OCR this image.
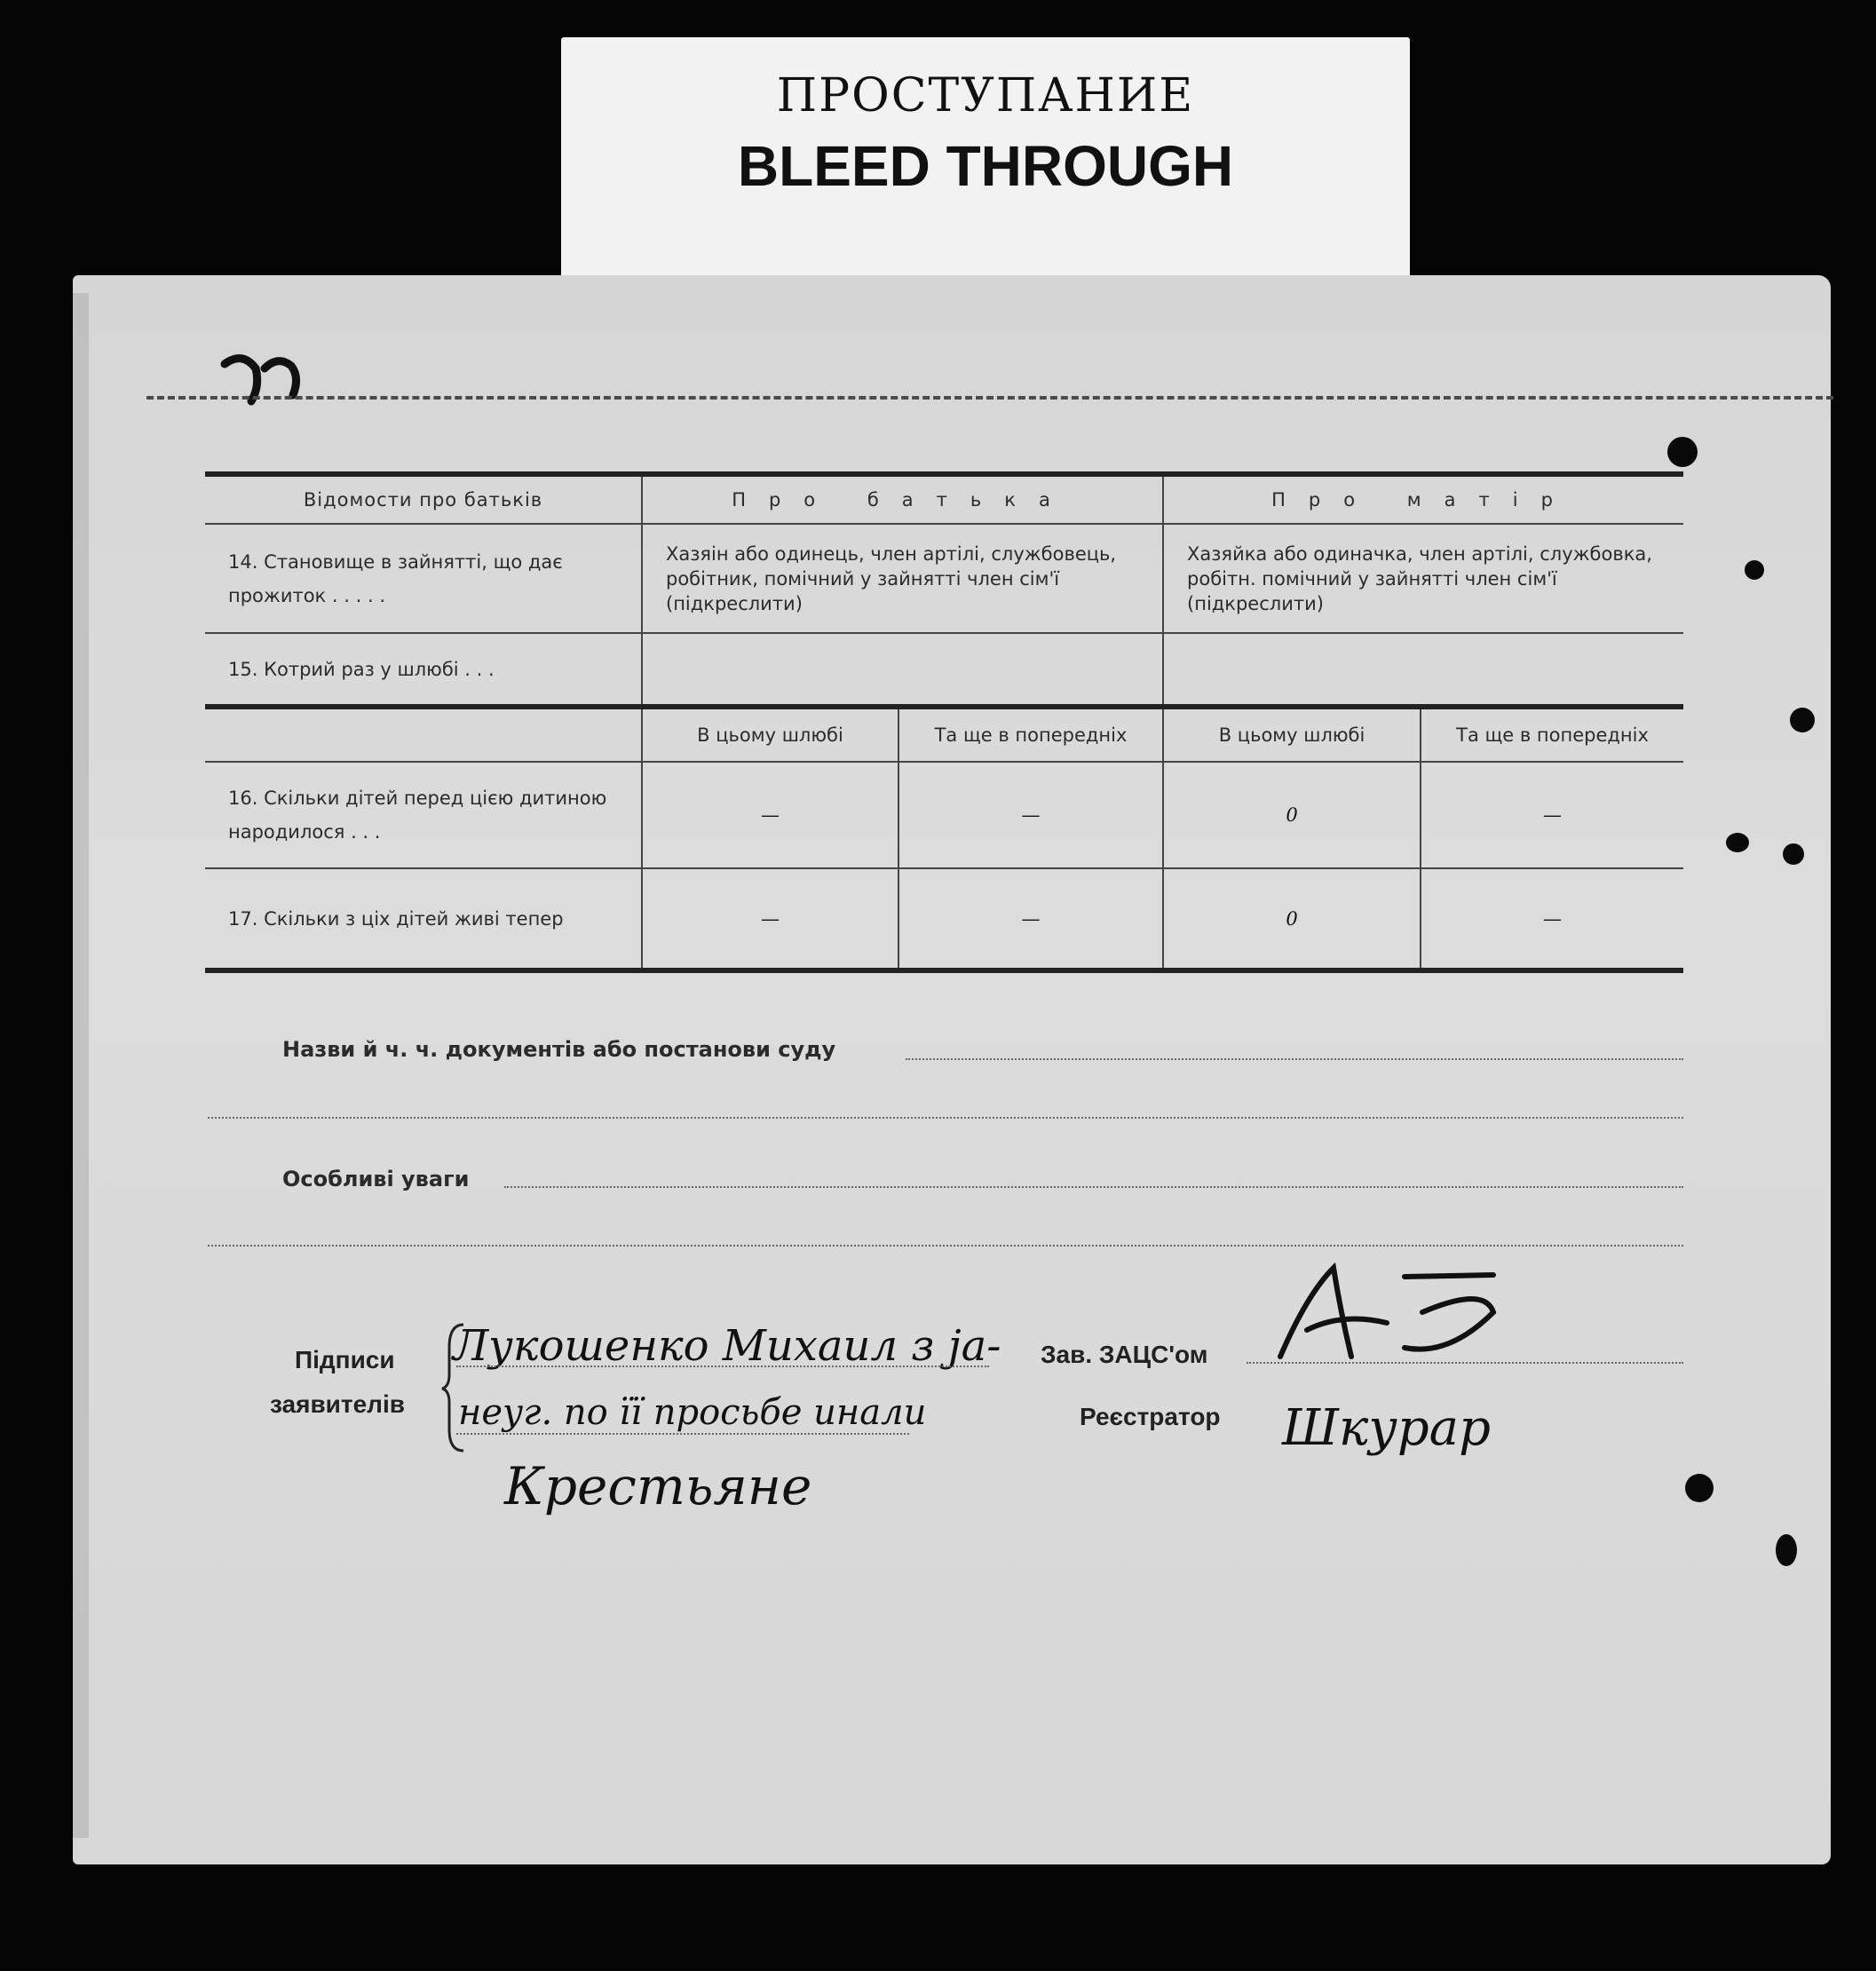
ПРОСТУПАНИЕ
BLEED THROUGH
Відомости про батьків	Про батька		Про матір	
14. Становище в зайнятті, що дає прожиток . . . . .	Хазяін або одинець, член артілі, службовець, робітник, помічний у зайнятті член сім'ї (підкреслити)		Хазяйка або одиначка, член артілі, службовка, робітн. помічний у зайнятті член сім'ї (підкреслити)	
15. Котрий раз у шлюбі . . .				
	В цьому шлюбі	Та ще в попередніх	В цьому шлюбі	Та ще в попередніх
16. Скільки дітей перед цією дитиною народилося . . .	—	—	0	—
17. Скільки з ціх дітей живі тепер	—	—	0	—
Назви й ч. ч. документів або постанови суду
Особливі уваги
Підписи
заявителів
Лукошенко Михаил з ја-
неуг. по її просьбе инали
Крестьяне
Зав. ЗАЦС'ом
Реєстратор Шкурар
